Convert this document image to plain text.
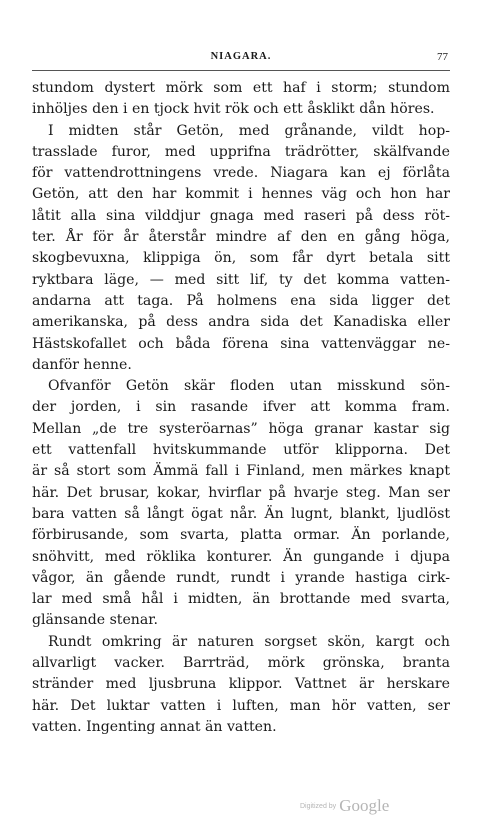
NIAGARA.	77
stundom dystert mörk som ett haf i storm; stundom
inhöljes den i en tjock hvit rök och ett åsklikt dån höres.
I midten står Getön, med grånande, vildt hop-
trasslade furor, med upprifna trädrötter, skälfvande
för vattendrottningens vrede. Niagara kan ej förlåta
Getön, att den har kommit i hennes väg och hon har
låtit alla sina vilddjur gnaga med raseri på dess röt-
ter. År för år återstår mindre af den en gång höga,
skogbevuxna, klippiga ön, som får dyrt betala sitt
ryktbara läge, — med sitt lif, ty det komma vatten-
andarna att taga. På holmens ena sida ligger det
amerikanska, på dess andra sida det Kanadiska eller
Hästskofallet och båda förena sina vattenväggar ne-
danför henne.
Ofvanför Getön skär floden utan misskund sön-
der jorden, i sin rasande ifver att komma fram.
Mellan „de tre systeröarnas” höga granar kastar sig
ett vattenfall hvitskummande utför klipporna. Det
är så stort som Ämmä fall i Finland, men märkes knapt
här. Det brusar, kokar, hvirflar på hvarje steg. Man ser
bara vatten så långt ögat når. Än lugnt, blankt, ljudlöst
förbirusande, som svarta, platta ormar. Än porlande,
snöhvitt, med röklika konturer. Än gungande i djupa
vågor, än gående rundt, rundt i yrande hastiga cirk-
lar med små hål i midten, än brottande med svarta,
glänsande stenar.
Rundt omkring är naturen sorgset skön, kargt och
allvarligt vacker. Barrträd, mörk grönska, branta
stränder med ljusbruna klippor. Vattnet är herskare
här. Det luktar vatten i luften, man hör vatten, ser
vatten. Ingenting annat än vatten.
Digitized by Google
